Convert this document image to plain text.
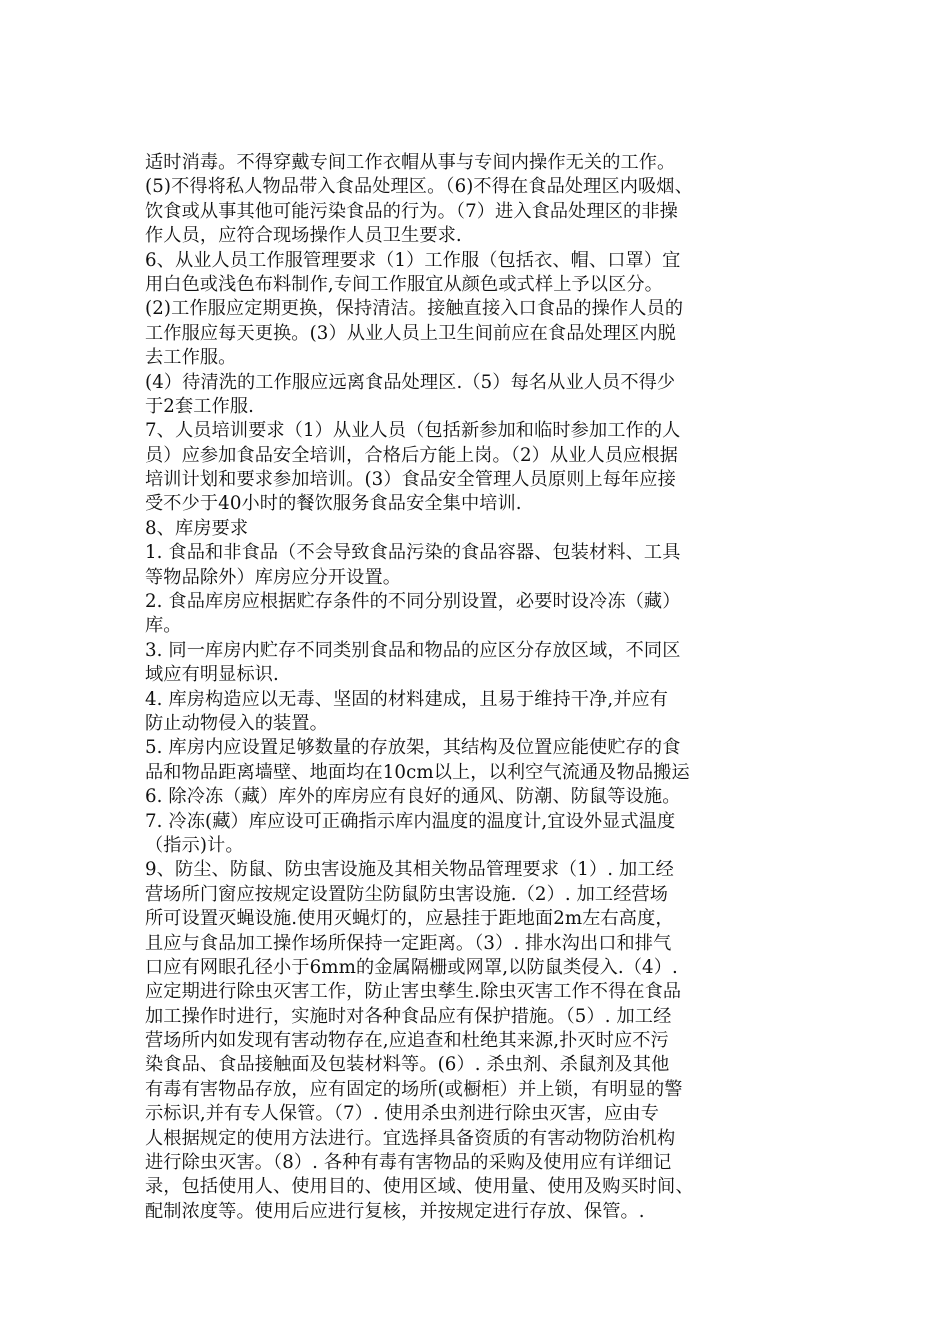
适时消毒。不得穿戴专间工作衣帽从事与专间内操作无关的工作。
(5)不得将私人物品带入食品处理区。（6)不得在食品处理区内吸烟、
饮食或从事其他可能污染食品的行为。（7）进入食品处理区的非操
作人员，应符合现场操作人员卫生要求.
6、从业人员工作服管理要求（1）工作服（包括衣、帽、口罩）宜
用白色或浅色布料制作,专间工作服宜从颜色或式样上予以区分。
(2)工作服应定期更换，保持清洁。接触直接入口食品的操作人员的
工作服应每天更换。(3）从业人员上卫生间前应在食品处理区内脱
去工作服。
(4）待清洗的工作服应远离食品处理区.（5）每名从业人员不得少
于2套工作服.
7、人员培训要求（1）从业人员（包括新参加和临时参加工作的人
员）应参加食品安全培训，合格后方能上岗。（2）从业人员应根据
培训计划和要求参加培训。(3）食品安全管理人员原则上每年应接
受不少于40小时的餐饮服务食品安全集中培训.
8、库房要求
1. 食品和非食品（不会导致食品污染的食品容器、包装材料、工具
等物品除外）库房应分开设置。
2. 食品库房应根据贮存条件的不同分别设置，必要时设冷冻（藏）
库。
3. 同一库房内贮存不同类别食品和物品的应区分存放区域，不同区
域应有明显标识.
4. 库房构造应以无毒、坚固的材料建成，且易于维持干净,并应有
防止动物侵入的装置。
5. 库房内应设置足够数量的存放架，其结构及位置应能使贮存的食
品和物品距离墙壁、地面均在10cm以上，以利空气流通及物品搬运
6. 除冷冻（藏）库外的库房应有良好的通风、防潮、防鼠等设施。
7. 冷冻(藏）库应设可正确指示库内温度的温度计,宜设外显式温度
（指示)计。
9、防尘、防鼠、防虫害设施及其相关物品管理要求（1）. 加工经
营场所门窗应按规定设置防尘防鼠防虫害设施.（2）. 加工经营场
所可设置灭蝇设施.使用灭蝇灯的，应悬挂于距地面2m左右高度，
且应与食品加工操作场所保持一定距离。（3）. 排水沟出口和排气
口应有网眼孔径小于6mm的金属隔栅或网罩,以防鼠类侵入.（4）.
应定期进行除虫灭害工作，防止害虫孳生.除虫灭害工作不得在食品
加工操作时进行，实施时对各种食品应有保护措施。（5）. 加工经
营场所内如发现有害动物存在,应追查和杜绝其来源,扑灭时应不污
染食品、食品接触面及包装材料等。(6）. 杀虫剂、杀鼠剂及其他
有毒有害物品存放，应有固定的场所(或橱柜）并上锁，有明显的警
示标识,并有专人保管。（7）. 使用杀虫剂进行除虫灭害，应由专
人根据规定的使用方法进行。宜选择具备资质的有害动物防治机构
进行除虫灭害。（8）. 各种有毒有害物品的采购及使用应有详细记
录，包括使用人、使用目的、使用区域、使用量、使用及购买时间、
配制浓度等。使用后应进行复核，并按规定进行存放、保管。.
